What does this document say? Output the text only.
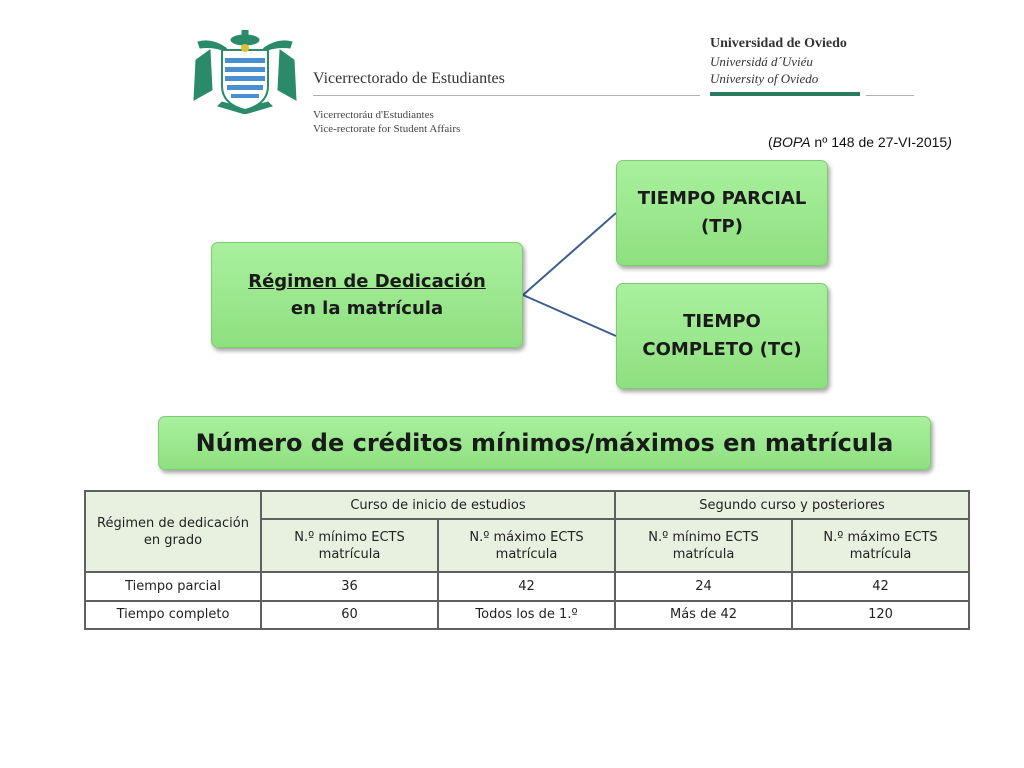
Vicerrectorado de Estudiantes
Vicerrectoráu d'Estudiantes
Vice-rectorate for Student Affairs
Universidad de Oviedo
Universidá d´Uviéu
University of Oviedo
(BOPA nº 148 de 27-VI-2015)
Régimen de Dedicación
en la matrícula
TIEMPO PARCIAL
(TP)
TIEMPO
COMPLETO (TC)
Número de créditos mínimos/máximos en matrícula
Régimen de dedicación en grado	Curso de inicio de estudios		Segundo curso y posteriores	
	N.º mínimo ECTS matrícula	N.º máximo ECTS matrícula	N.º mínimo ECTS matrícula	N.º máximo ECTS matrícula
Tiempo parcial	36	42	24	42
Tiempo completo	60	Todos los de 1.º	Más de 42	120
